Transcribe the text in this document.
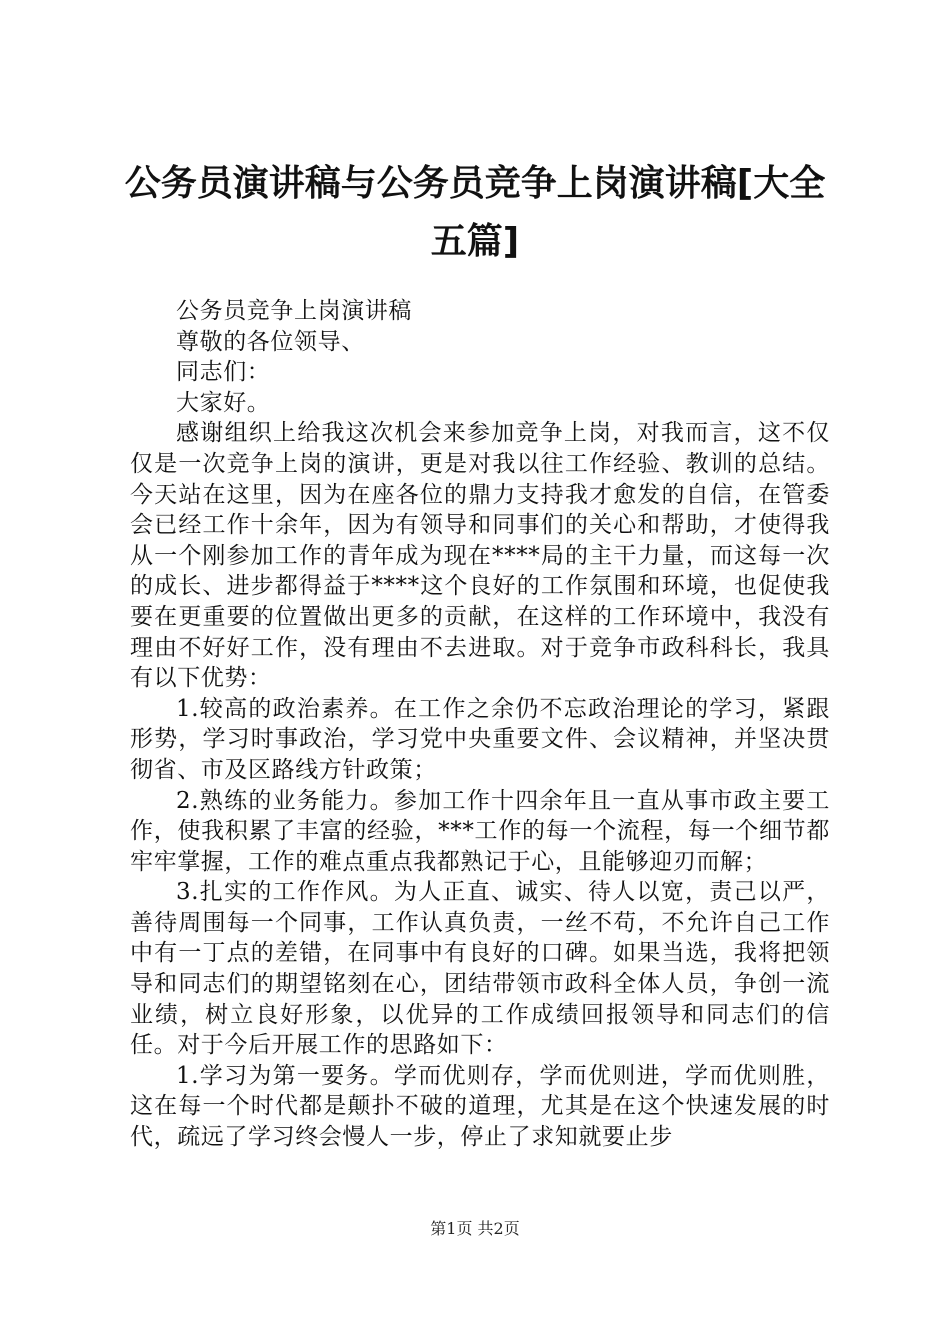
公务员演讲稿与公务员竞争上岗演讲稿[大全
五篇]

公务员竞争上岗演讲稿

尊敬的各位领导、

同志们：

大家好。

感谢组织上给我这次机会来参加竞争上岗，对我而言，这不仅仅是一次竞争上岗的演讲，更是对我以往工作经验、教训的总结。今天站在这里，因为在座各位的鼎力支持我才愈发的自信，在管委会已经工作十余年，因为有领导和同事们的关心和帮助，才使得我从一个刚参加工作的青年成为现在****局的主干力量，而这每一次的成长、进步都得益于****这个良好的工作氛围和环境，也促使我要在更重要的位置做出更多的贡献，在这样的工作环境中，我没有理由不好好工作，没有理由不去进取。对于竞争市政科科长，我具有以下优势：

1.较高的政治素养。在工作之余仍不忘政治理论的学习，紧跟形势，学习时事政治，学习党中央重要文件、会议精神，并坚决贯彻省、市及区路线方针政策；

2.熟练的业务能力。参加工作十四余年且一直从事市政主要工作，使我积累了丰富的经验，***工作的每一个流程，每一个细节都牢牢掌握，工作的难点重点我都熟记于心，且能够迎刃而解；

3.扎实的工作作风。为人正直、诚实、待人以宽，责己以严，善待周围每一个同事，工作认真负责，一丝不苟，不允许自己工作中有一丁点的差错，在同事中有良好的口碑。如果当选，我将把领导和同志们的期望铭刻在心，团结带领市政科全体人员，争创一流业绩，树立良好形象，以优异的工作成绩回报领导和同志们的信任。对于今后开展工作的思路如下：

1.学习为第一要务。学而优则存，学而优则进，学而优则胜，这在每一个时代都是颠扑不破的道理，尤其是在这个快速发展的时代，疏远了学习终会慢人一步，停止了求知就要止步

第1页 共2页
